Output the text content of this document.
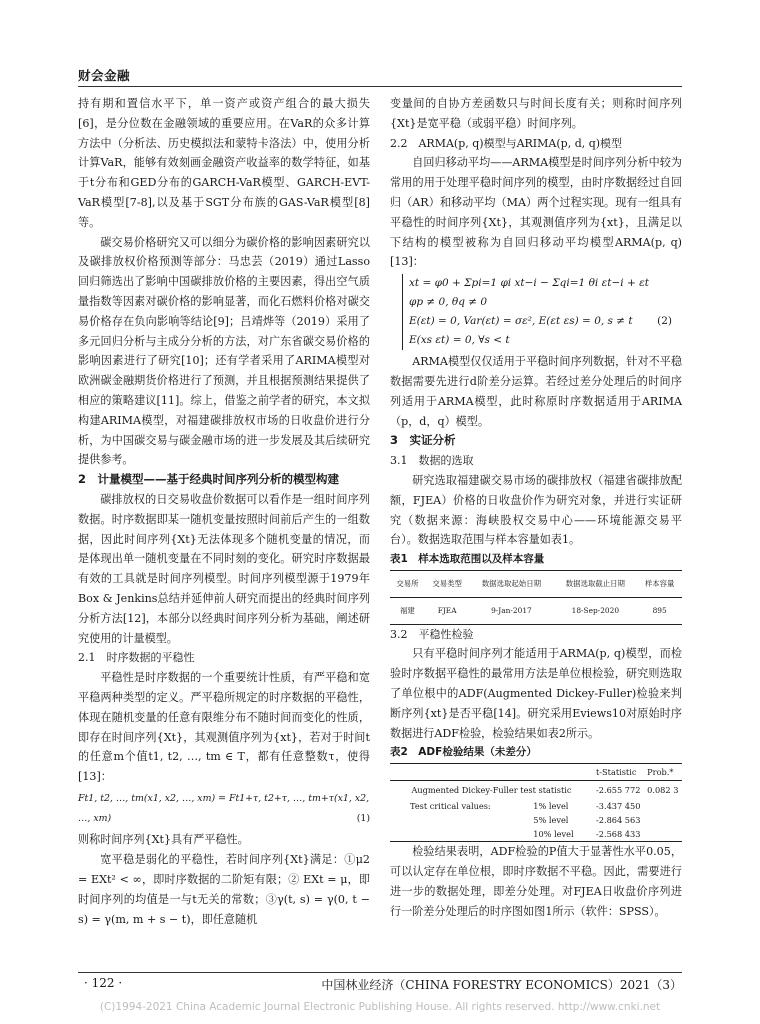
财会金融

持有期和置信水平下，单一资产或资产组合的最大损失[6]，是分位数在金融领域的重要应用。在VaR的众多计算方法中（分析法、历史模拟法和蒙特卡洛法）中，使用分析计算VaR，能够有效刻画金融资产收益率的数学特征，如基于t分布和GED分布的GARCH-VaR模型、GARCH-EVT-VaR模型[7-8],以及基于SGT分布族的GAS-VaR模型[8]等。

碳交易价格研究又可以细分为碳价格的影响因素研究以及碳排放权价格预测等部分：马忠芸（2019）通过Lasso回归筛选出了影响中国碳排放价格的主要因素，得出空气质量指数等因素对碳价格的影响显著，而化石燃料价格对碳交易价格存在负向影响等结论[9]；吕靖烨等（2019）采用了多元回归分析与主成分分析的方法，对广东省碳交易价格的影响因素进行了研究[10]；还有学者采用了ARIMA模型对欧洲碳金融期货价格进行了预测，并且根据预测结果提供了相应的策略建议[11]。综上，借鉴之前学者的研究，本文拟构建ARIMA模型，对福建碳排放权市场的日收盘价进行分析，为中国碳交易与碳金融市场的进一步发展及其后续研究提供参考。

2　计量模型——基于经典时间序列分析的模型构建

碳排放权的日交易收盘价数据可以看作是一组时间序列数据。时序数据即某一随机变量按照时间前后产生的一组数据，因此时间序列{Xt}无法体现多个随机变量的情况，而是体现出单一随机变量在不同时刻的变化。研究时序数据最有效的工具就是时间序列模型。时间序列模型源于1979年Box & Jenkins总结并延伸前人研究而提出的经典时间序列分析方法[12]，本部分以经典时间序列分析为基础，阐述研究使用的计量模型。

2.1　时序数据的平稳性

平稳性是时序数据的一个重要统计性质，有严平稳和宽平稳两种类型的定义。严平稳所规定的时序数据的平稳性，体现在随机变量的任意有限维分布不随时间而变化的性质，即存在时间序列{Xt}，其观测值序列为{xt}，若对于时间t的任意m个值t1, t2, …, tm ∈ T，都有任意整数τ，使得[13]：

Ft1, t2, …, tm(x1, x2, …, xm) = Ft1+τ, t2+τ, …, tm+τ(x1, x2, …, xm)	(1)

则称时间序列{Xt}具有严平稳性。

宽平稳是弱化的平稳性，若时间序列{Xt}满足：①μ2 = EXt² < ∞，即时序数据的二阶矩有限；② EXt = μ，即时间序列的均值是一与t无关的常数；③γ(t, s) = γ(0, t − s) = γ(m, m + s − t)，即任意随机

变量间的自协方差函数只与时间长度有关；则称时间序列{Xt}是宽平稳（或弱平稳）时间序列。

2.2　ARMA(p, q)模型与ARIMA(p, d, q)模型

自回归移动平均——ARMA模型是时间序列分析中较为常用的用于处理平稳时间序列的模型，由时序数据经过自回归（AR）和移动平均（MA）两个过程实现。现有一组具有平稳性的时间序列{Xt}，其观测值序列为{xt}，且满足以下结构的模型被称为自回归移动平均模型ARMA(p, q)[13]：

xt = φ0 + Σpi=1 φi xt−i − Σqi=1 θi εt−i + εt
φp ≠ 0, θq ≠ 0
E(εt) = 0, Var(εt) = σε², E(εt εs) = 0, s ≠ t
E(xs εt) = 0, ∀s < t
(2)

ARMA模型仅仅适用于平稳时间序列数据，针对不平稳数据需要先进行d阶差分运算。若经过差分处理后的时间序列适用于ARMA模型，此时称原时序数据适用于ARIMA（p，d，q）模型。

3　实证分析

3.1　数据的选取

研究选取福建碳交易市场的碳排放权（福建省碳排放配额，FJEA）价格的日收盘价作为研究对象，并进行实证研究（数据来源：海峡股权交易中心——环境能源交易平台）。数据选取范围与样本容量如表1。

表1　样本选取范围以及样本容量

交易所	交易类型	数据选取起始日期	数据选取截止日期	样本容量
福建	FJEA	9-Jan-2017	18-Sep-2020	895

3.2　平稳性检验

只有平稳时间序列才能适用于ARMA(p, q)模型，而检验时序数据平稳性的最常用方法是单位根检验，研究则选取了单位根中的ADF(Augmented Dickey-Fuller)检验来判断序列{xt}是否平稳[14]。研究采用Eviews10对原始时序数据进行ADF检验，检验结果如表2所示。

表2　ADF检验结果（未差分）

		t-Statistic	Prob.*
Augmented Dickey-Fuller test statistic		-2.655 772	0.082 3
Test critical values:	1% level	-3.437 450	
	5% level	-2.864 563	
	10% level	-2.568 433	

检验结果表明，ADF检验的P值大于显著性水平0.05，可以认定存在单位根，即时序数据不平稳。因此，需要进行进一步的数据处理，即差分处理。对FJEA日收盘价序列进行一阶差分处理后的时序图如图1所示（软件：SPSS）。

· 122 ·	中国林业经济（CHINA FORESTRY ECONOMICS）2021（3）
(C)1994-2021 China Academic Journal Electronic Publishing House. All rights reserved. http://www.cnki.net
